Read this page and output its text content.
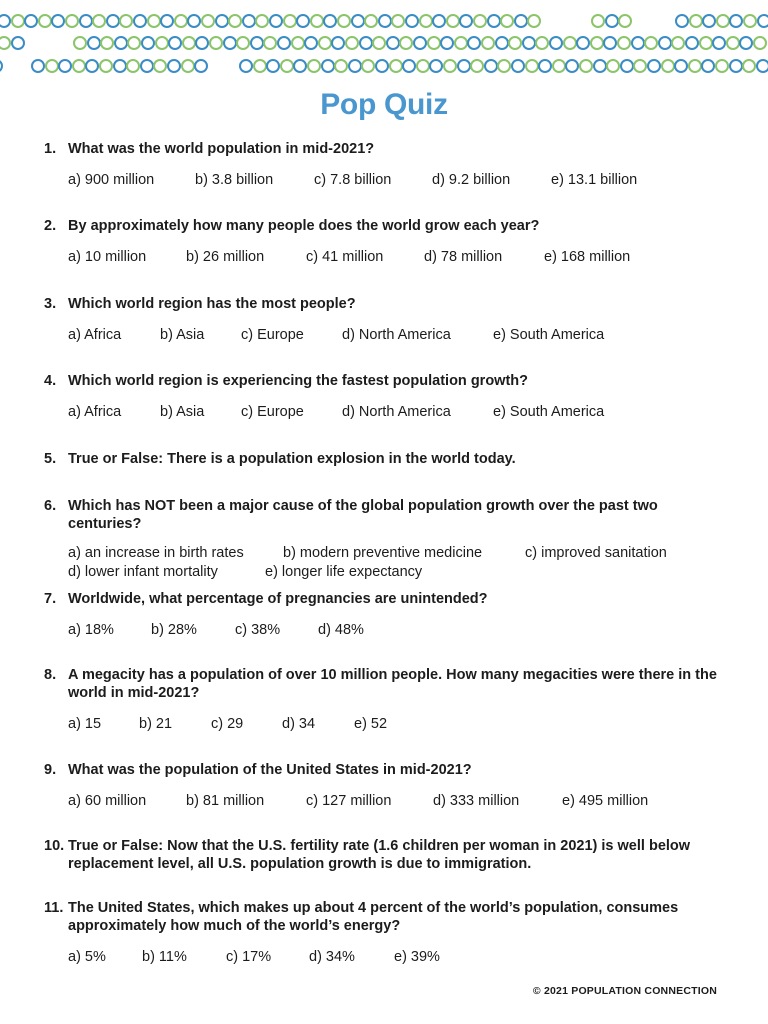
Pop Quiz
1. What was the world population in mid-2021?
a) 900 million	b) 3.8 billion	c) 7.8 billion	d) 9.2 billion	e) 13.1 billion
2. By approximately how many people does the world grow each year?
a) 10 million	b) 26 million	c) 41 million	d) 78 million	e) 168 million
3. Which world region has the most people?
a) Africa	b) Asia	c) Europe	d) North America	e) South America
4. Which world region is experiencing the fastest population growth?
a) Africa	b) Asia	c) Europe	d) North America	e) South America
5. True or False: There is a population explosion in the world today.
6. Which has NOT been a major cause of the global population growth over the past two centuries?
a) an increase in birth rates	b) modern preventive medicine	c) improved sanitation
d) lower infant mortality	e) longer life expectancy
7. Worldwide, what percentage of pregnancies are unintended?
a) 18%	b) 28%	c) 38%	d) 48%
8. A megacity has a population of over 10 million people. How many megacities were there in the world in mid-2021?
a) 15	b) 21	c) 29	d) 34	e) 52
9. What was the population of the United States in mid-2021?
a) 60 million	b) 81 million	c) 127 million	d) 333 million	e) 495 million
10. True or False: Now that the U.S. fertility rate (1.6 children per woman in 2021) is well below replacement level, all U.S. population growth is due to immigration.
11. The United States, which makes up about 4 percent of the world’s population, consumes approximately how much of the world’s energy?
a) 5% b) 11%	c) 17%	d) 34%	e) 39%
© 2021 POPULATION CONNECTION
